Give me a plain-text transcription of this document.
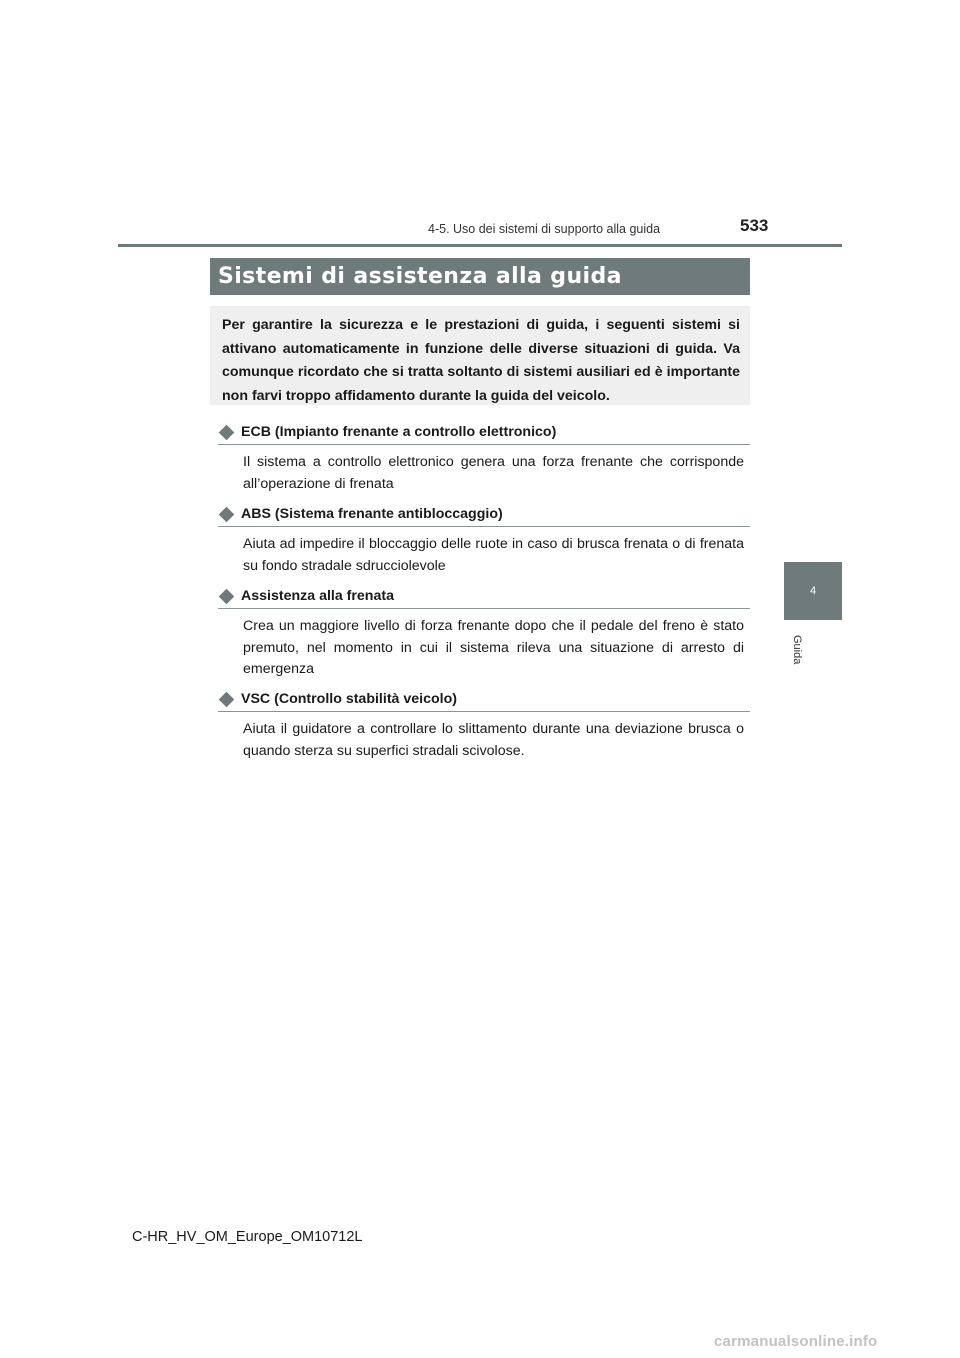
4-5. Uso dei sistemi di supporto alla guida	533
4
Guida
Sistemi di assistenza alla guida

Per garantire la sicurezza e le prestazioni di guida, i seguenti sistemi si attivano automaticamente in funzione delle diverse situazioni di guida. Va comunque ricordato che si tratta soltanto di sistemi ausiliari ed è importante non farvi troppo affidamento durante la guida del veicolo.

ECB (Impianto frenante a controllo elettronico)
Il sistema a controllo elettronico genera una forza frenante che corrisponde all’operazione di frenata
ABS (Sistema frenante antibloccaggio)
Aiuta ad impedire il bloccaggio delle ruote in caso di brusca frenata o di frenata su fondo stradale sdrucciolevole
Assistenza alla frenata
Crea un maggiore livello di forza frenante dopo che il pedale del freno è stato premuto, nel momento in cui il sistema rileva una situazione di arresto di emergenza
VSC (Controllo stabilità veicolo)
Aiuta il guidatore a controllare lo slittamento durante una deviazione brusca o quando sterza su superfici stradali scivolose.
C-HR_HV_OM_Europe_OM10712L
carmanualsonline.info
